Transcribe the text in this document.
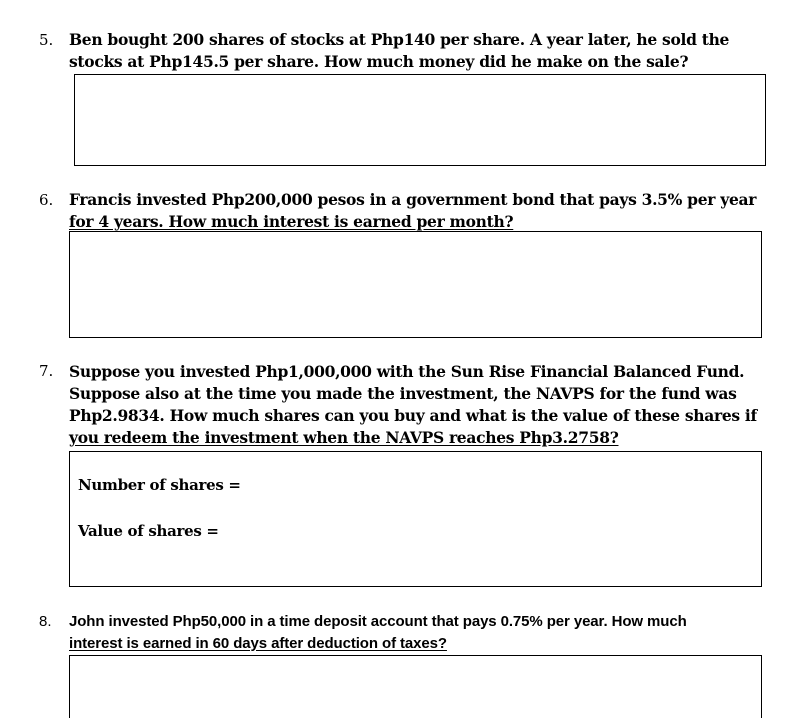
5. Ben bought 200 shares of stocks at Php140 per share. A year later, he sold the
stocks at Php145.5 per share. How much money did he make on the sale?
6. Francis invested Php200,000 pesos in a government bond that pays 3.5% per year
for 4 years. How much interest is earned per month?
7. Suppose you invested Php1,000,000 with the Sun Rise Financial Balanced Fund.
Suppose also at the time you made the investment, the NAVPS for the fund was
Php2.9834. How much shares can you buy and what is the value of these shares if
you redeem the investment when the NAVPS reaches Php3.2758?
Number of shares =
Value of shares =
8. John invested Php50,000 in a time deposit account that pays 0.75% per year. How much
interest is earned in 60 days after deduction of taxes?
